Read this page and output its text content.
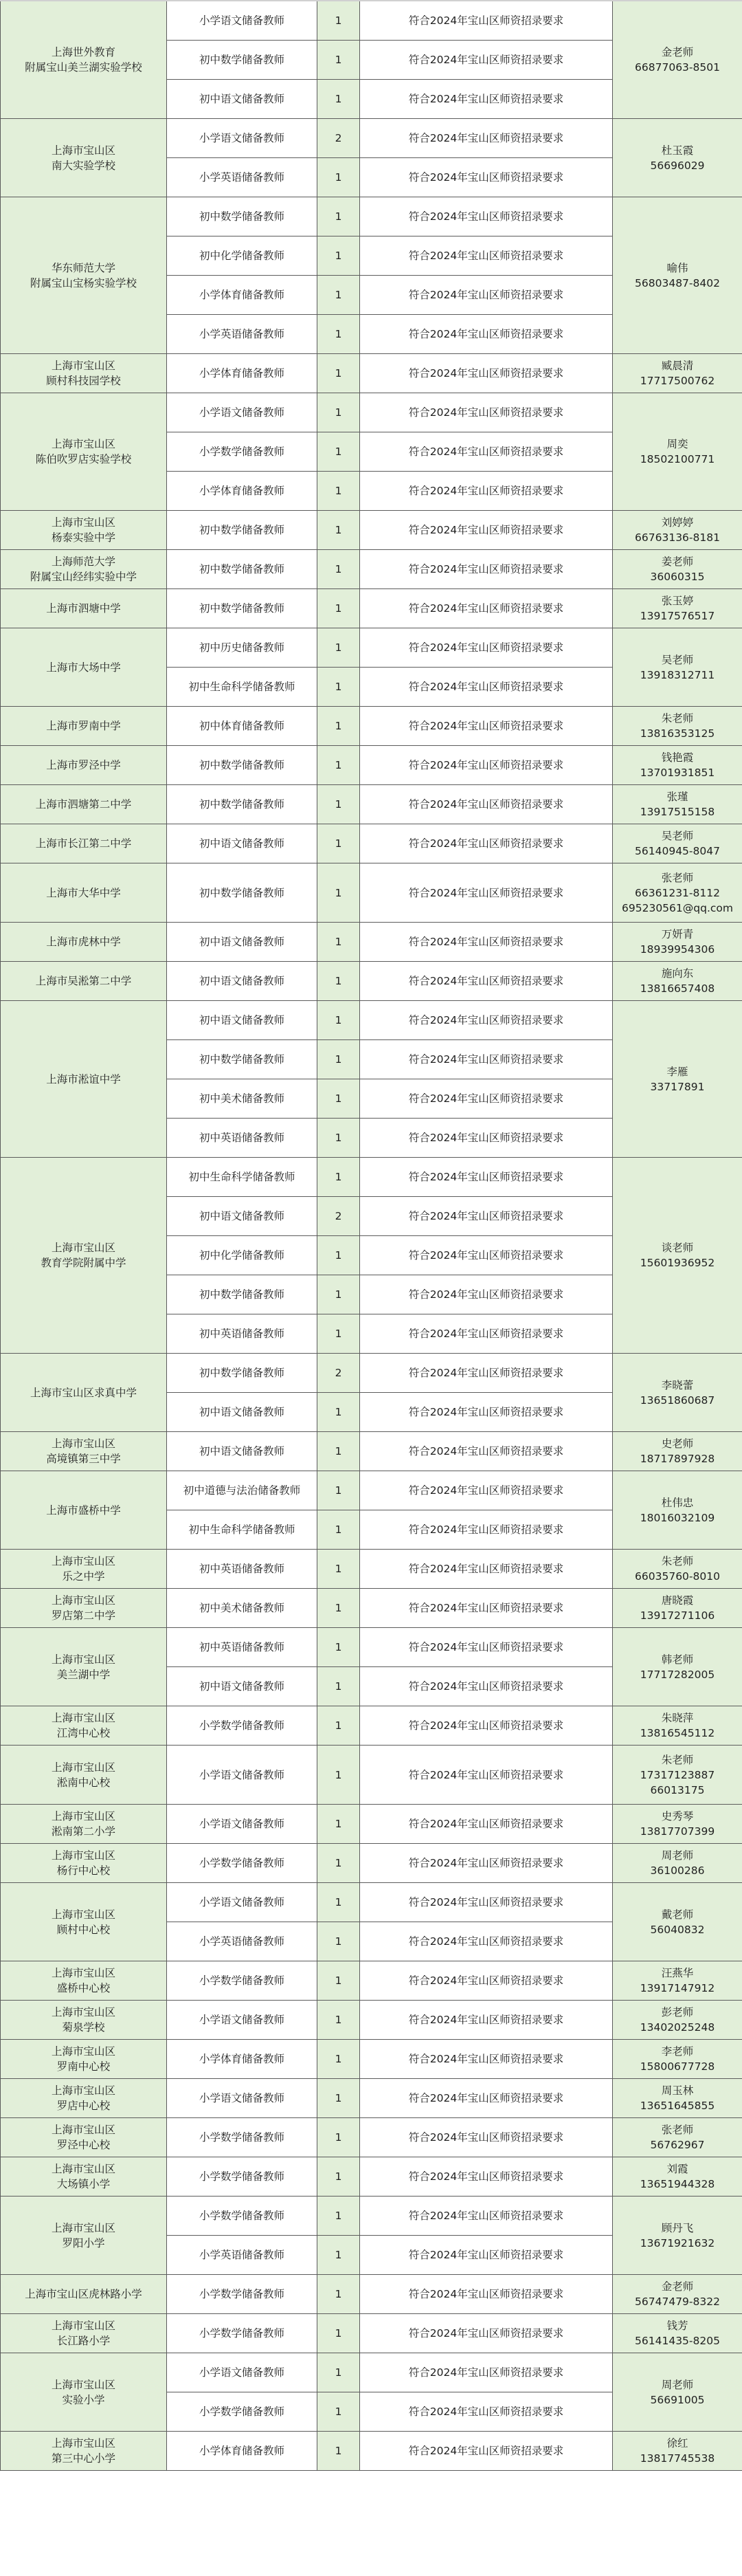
上海世外教育
附属宝山美兰湖实验学校	小学语文储备教师	1	符合2024年宝山区师资招录要求	金老师
66877063-8501

	初中数学储备教师	1	符合2024年宝山区师资招录要求	
	初中语文储备教师	1	符合2024年宝山区师资招录要求	

上海市宝山区
南大实验学校	小学语文储备教师	2	符合2024年宝山区师资招录要求	杜玉霞
56696029

	小学英语储备教师	1	符合2024年宝山区师资招录要求	

华东师范大学
附属宝山宝杨实验学校	初中数学储备教师	1	符合2024年宝山区师资招录要求	喻伟
56803487-8402

	初中化学储备教师	1	符合2024年宝山区师资招录要求	
	小学体育储备教师	1	符合2024年宝山区师资招录要求	
	小学英语储备教师	1	符合2024年宝山区师资招录要求	

上海市宝山区
顾村科技园学校	小学体育储备教师	1	符合2024年宝山区师资招录要求	臧晨清
17717500762

上海市宝山区
陈伯吹罗店实验学校	小学语文储备教师	1	符合2024年宝山区师资招录要求	周奕
18502100771

	小学数学储备教师	1	符合2024年宝山区师资招录要求	
	小学体育储备教师	1	符合2024年宝山区师资招录要求	

上海市宝山区
杨泰实验中学	初中数学储备教师	1	符合2024年宝山区师资招录要求	刘婷婷
66763136-8181

上海师范大学
附属宝山经纬实验中学	初中数学储备教师	1	符合2024年宝山区师资招录要求	姜老师
36060315

上海市泗塘中学	初中数学储备教师	1	符合2024年宝山区师资招录要求	张玉婷
13917576517

上海市大场中学	初中历史储备教师	1	符合2024年宝山区师资招录要求	吴老师
13918312711

	初中生命科学储备教师	1	符合2024年宝山区师资招录要求	

上海市罗南中学	初中体育储备教师	1	符合2024年宝山区师资招录要求	朱老师
13816353125

上海市罗泾中学	初中数学储备教师	1	符合2024年宝山区师资招录要求	钱艳霞
13701931851

上海市泗塘第二中学	初中数学储备教师	1	符合2024年宝山区师资招录要求	张瑾
13917515158

上海市长江第二中学	初中语文储备教师	1	符合2024年宝山区师资招录要求	吴老师
56140945-8047

上海市大华中学	初中数学储备教师	1	符合2024年宝山区师资招录要求	张老师
66361231-8112
695230561@qq.com

上海市虎林中学	初中语文储备教师	1	符合2024年宝山区师资招录要求	万妍青
18939954306

上海市吴淞第二中学	初中语文储备教师	1	符合2024年宝山区师资招录要求	施向东
13816657408

上海市淞谊中学	初中语文储备教师	1	符合2024年宝山区师资招录要求	李雁
33717891

	初中数学储备教师	1	符合2024年宝山区师资招录要求	
	初中美术储备教师	1	符合2024年宝山区师资招录要求	
	初中英语储备教师	1	符合2024年宝山区师资招录要求	

上海市宝山区
教育学院附属中学	初中生命科学储备教师	1	符合2024年宝山区师资招录要求	谈老师
15601936952

	初中语文储备教师	2	符合2024年宝山区师资招录要求	
	初中化学储备教师	1	符合2024年宝山区师资招录要求	
	初中数学储备教师	1	符合2024年宝山区师资招录要求	
	初中英语储备教师	1	符合2024年宝山区师资招录要求	

上海市宝山区求真中学	初中数学储备教师	2	符合2024年宝山区师资招录要求	李晓蕾
13651860687

	初中语文储备教师	1	符合2024年宝山区师资招录要求	

上海市宝山区
高境镇第三中学	初中语文储备教师	1	符合2024年宝山区师资招录要求	史老师
18717897928

上海市盛桥中学	初中道德与法治储备教师	1	符合2024年宝山区师资招录要求	杜伟忠
18016032109

	初中生命科学储备教师	1	符合2024年宝山区师资招录要求	

上海市宝山区
乐之中学	初中英语储备教师	1	符合2024年宝山区师资招录要求	朱老师
66035760-8010

上海市宝山区
罗店第二中学	初中美术储备教师	1	符合2024年宝山区师资招录要求	唐晓霞
13917271106

上海市宝山区
美兰湖中学	初中英语储备教师	1	符合2024年宝山区师资招录要求	韩老师
17717282005

	初中语文储备教师	1	符合2024年宝山区师资招录要求	

上海市宝山区
江湾中心校	小学数学储备教师	1	符合2024年宝山区师资招录要求	朱晓萍
13816545112

上海市宝山区
淞南中心校	小学语文储备教师	1	符合2024年宝山区师资招录要求	朱老师
17317123887
66013175

上海市宝山区
淞南第二小学	小学语文储备教师	1	符合2024年宝山区师资招录要求	史秀琴
13817707399

上海市宝山区
杨行中心校	小学数学储备教师	1	符合2024年宝山区师资招录要求	周老师
36100286

上海市宝山区
顾村中心校	小学语文储备教师	1	符合2024年宝山区师资招录要求	戴老师
56040832

	小学英语储备教师	1	符合2024年宝山区师资招录要求	

上海市宝山区
盛桥中心校	小学数学储备教师	1	符合2024年宝山区师资招录要求	汪燕华
13917147912

上海市宝山区
菊泉学校	小学语文储备教师	1	符合2024年宝山区师资招录要求	彭老师
13402025248

上海市宝山区
罗南中心校	小学体育储备教师	1	符合2024年宝山区师资招录要求	李老师
15800677728

上海市宝山区
罗店中心校	小学语文储备教师	1	符合2024年宝山区师资招录要求	周玉林
13651645855

上海市宝山区
罗泾中心校	小学数学储备教师	1	符合2024年宝山区师资招录要求	张老师
56762967

上海市宝山区
大场镇小学	小学数学储备教师	1	符合2024年宝山区师资招录要求	刘霞
13651944328

上海市宝山区
罗阳小学	小学数学储备教师	1	符合2024年宝山区师资招录要求	顾丹飞
13671921632

	小学英语储备教师	1	符合2024年宝山区师资招录要求	

上海市宝山区虎林路小学	小学数学储备教师	1	符合2024年宝山区师资招录要求	金老师
56747479-8322

上海市宝山区
长江路小学	小学数学储备教师	1	符合2024年宝山区师资招录要求	钱芳
56141435-8205

上海市宝山区
实验小学	小学语文储备教师	1	符合2024年宝山区师资招录要求	周老师
56691005

	小学数学储备教师	1	符合2024年宝山区师资招录要求	

上海市宝山区
第三中心小学	小学体育储备教师	1	符合2024年宝山区师资招录要求	徐红
13817745538
